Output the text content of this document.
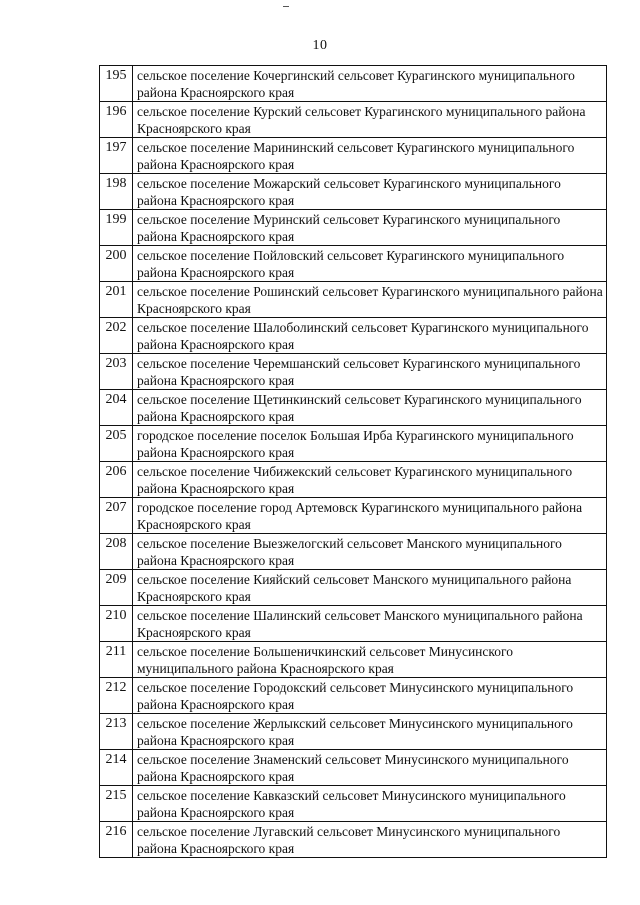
10
195	сельское поселение Кочергинский сельсовет Курагинского муниципального района Красноярского края
196	сельское поселение Курский сельсовет Курагинского муниципального района Красноярского края
197	сельское поселение Марининский сельсовет Курагинского муниципального района Красноярского края
198	сельское поселение Можарский сельсовет Курагинского муниципального района Красноярского края
199	сельское поселение Муринский сельсовет Курагинского муниципального района Красноярского края
200	сельское поселение Пойловский сельсовет Курагинского муниципального района Красноярского края
201	сельское поселение Рошинский сельсовет Курагинского муниципального района Красноярского края
202	сельское поселение Шалоболинский сельсовет Курагинского муниципального района Красноярского края
203	сельское поселение Черемшанский сельсовет Курагинского муниципального района Красноярского края
204	сельское поселение Щетинкинский сельсовет Курагинского муниципального района Красноярского края
205	городское поселение поселок Большая Ирба Курагинского муниципального района Красноярского края
206	сельское поселение Чибижекский сельсовет Курагинского муниципального района Красноярского края
207	городское поселение город Артемовск Курагинского муниципального района Красноярского края
208	сельское поселение Выезжелогский сельсовет Манского муниципального района Красноярского края
209	сельское поселение Кияйский сельсовет Манского муниципального района Красноярского края
210	сельское поселение Шалинский сельсовет Манского муниципального района Красноярского края
211	сельское поселение Большеничкинский сельсовет Минусинского муниципального района Красноярского края
212	сельское поселение Городокский сельсовет Минусинского муниципального района Красноярского края
213	сельское поселение Жерлыкский сельсовет Минусинского муниципального района Красноярского края
214	сельское поселение Знаменский сельсовет Минусинского муниципального района Красноярского края
215	сельское поселение Кавказский сельсовет Минусинского муниципального района Красноярского края
216	сельское поселение Лугавский сельсовет Минусинского муниципального района Красноярского края
